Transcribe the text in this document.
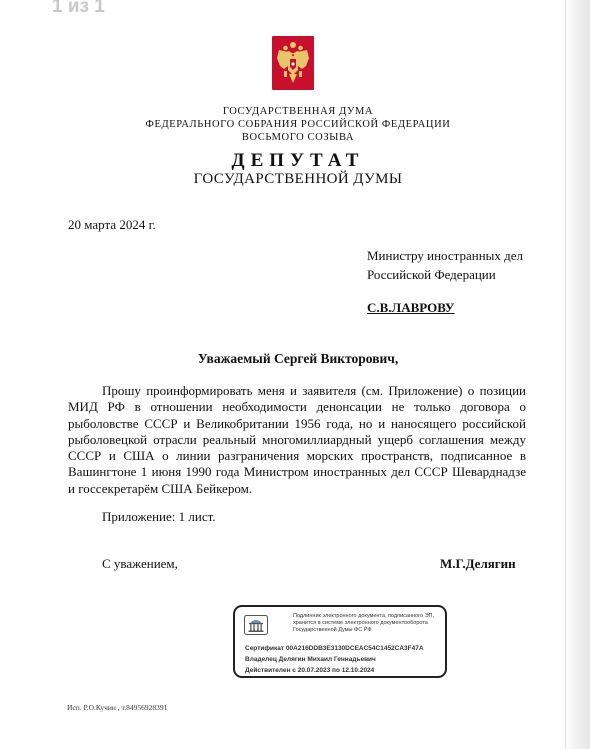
1 из 1
ГОСУДАРСТВЕННАЯ ДУМА
ФЕДЕРАЛЬНОГО СОБРАНИЯ РОССИЙСКОЙ ФЕДЕРАЦИИ
ВОСЬМОГО СОЗЫВА
ДЕПУТАТ
ГОСУДАРСТВЕННОЙ ДУМЫ
20 марта 2024 г.
Министру иностранных дел
Российской Федерации
С.В.ЛАВРОВУ
Уважаемый Сергей Викторович,
Прошу проинформировать меня и заявителя (см. Приложение) о позиции МИД РФ в отношении необходимости денонсации не только договора о рыболовстве СССР и Великобритании 1956 года, но и наносящего российской рыболовецкой отрасли реальный многомиллиардный ущерб соглашения между СССР и США о линии разграничения морских пространств, подписанное в Вашингтоне 1 июня 1990 года Министром иностранных дел СССР Шеварднадзе и госсекретарём США Бейкером.
Приложение: 1 лист.
С уважением,	М.Г.Делягин
Подлинник электронного документа, подписанного ЭП, хранится в системе электронного документооборота Государственной Думы ФС РФ
Сертификат 00A216DDB3E3130DCEAC54C1452CA3F47A
Владелец Делягин Михаил Геннадьевич
Действителен с 20.07.2023 по 12.10.2024
Исп. Р.О.Кучин , т.84956928391
